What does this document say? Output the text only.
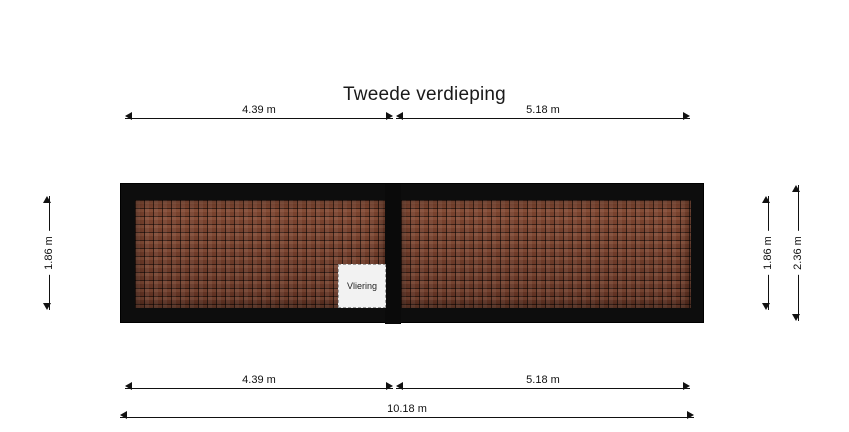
Tweede verdieping
4.39 m	5.18 m
Vliering
1.86 m	1.86 m 2.36 m
4.39 m	5.18 m
10.18 m
